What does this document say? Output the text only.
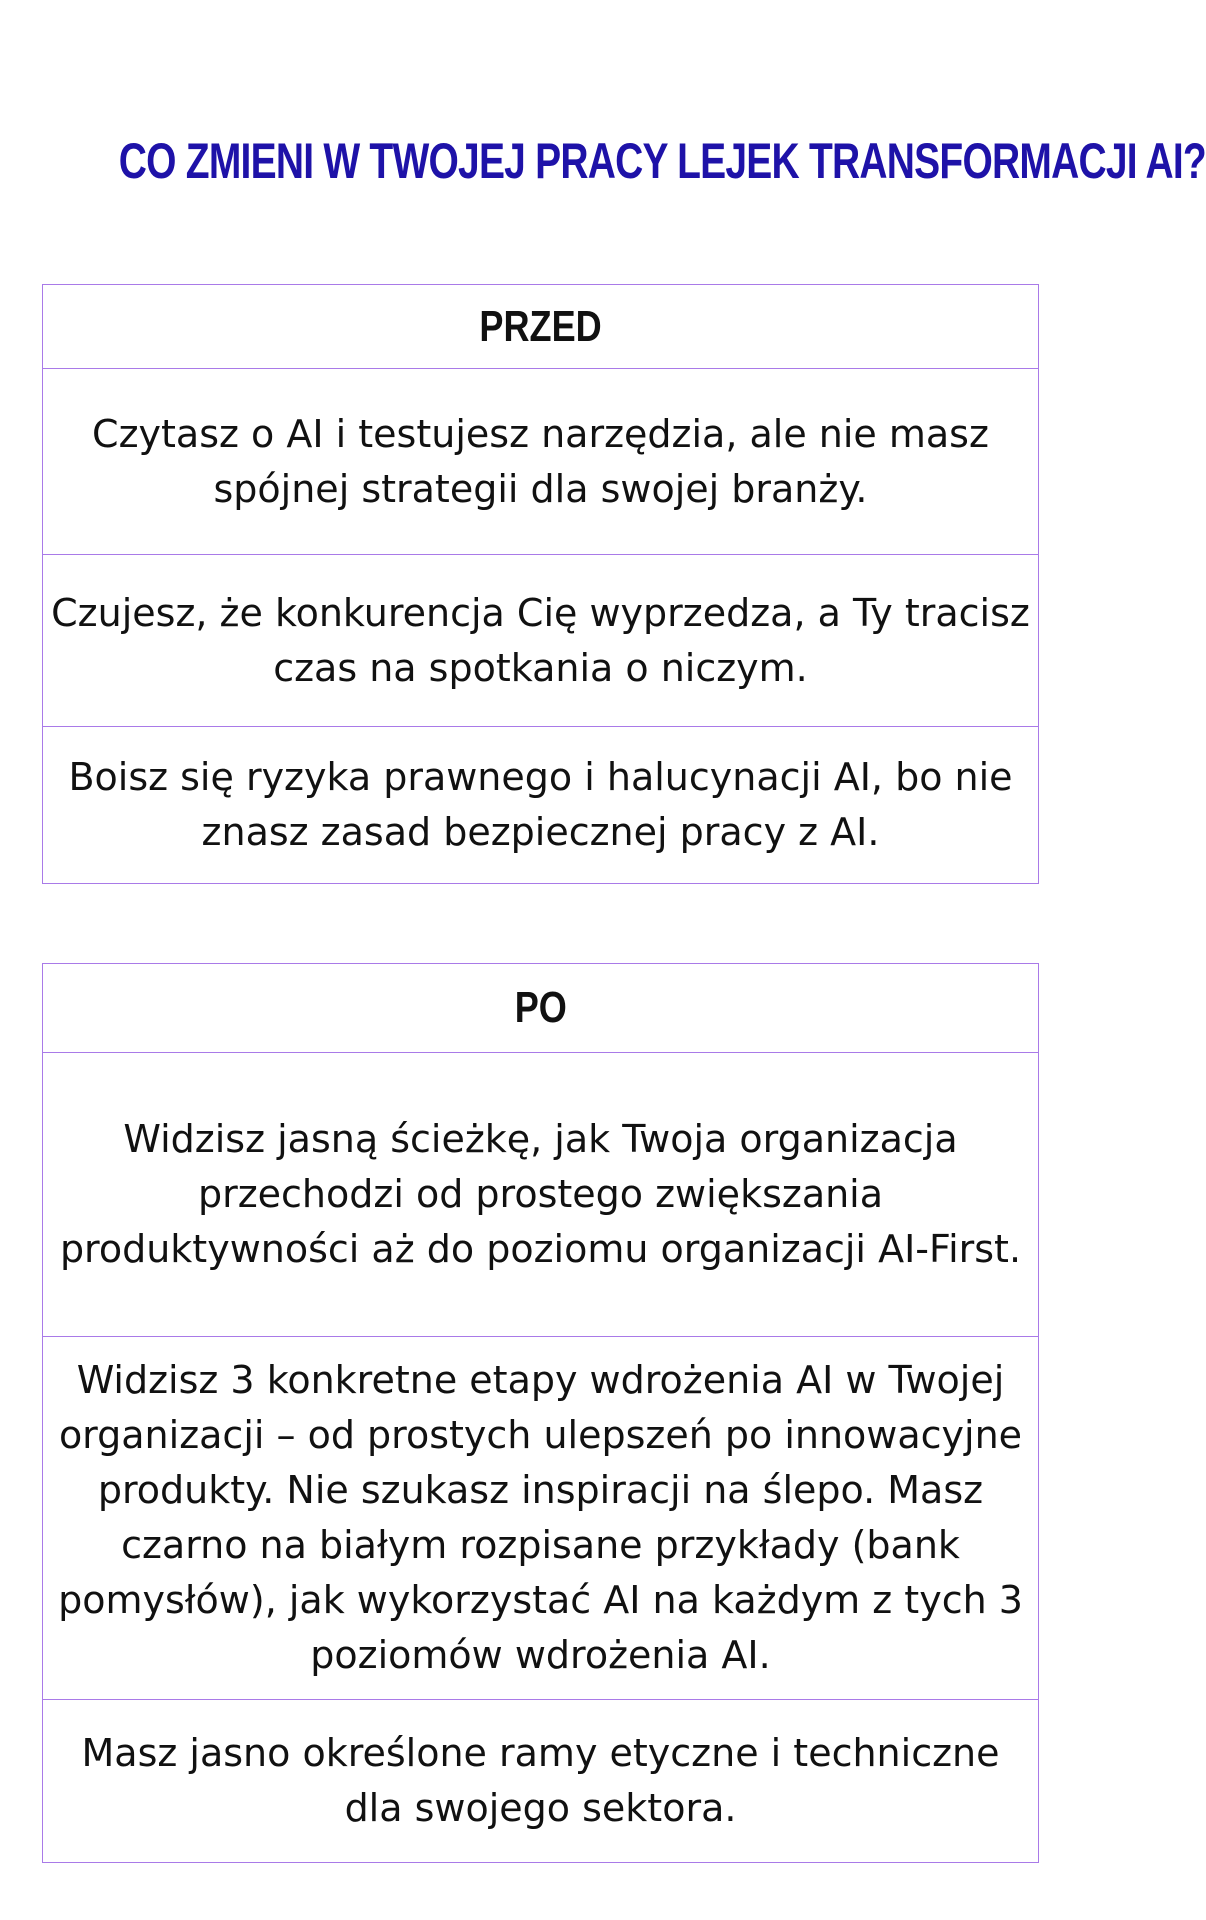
CO ZMIENI W TWOJEJ PRACY LEJEK TRANSFORMACJI AI?
PRZED
Czytasz o AI i testujesz narzędzia, ale nie masz spójnej strategii dla swojej branży.
Czujesz, że konkurencja Cię wyprzedza, a Ty tracisz czas na spotkania o niczym.
Boisz się ryzyka prawnego i halucynacji AI, bo nie znasz zasad bezpiecznej pracy z AI.
PO
Widzisz jasną ścieżkę, jak Twoja organizacja przechodzi od prostego zwiększania produktywności aż do poziomu organizacji AI-First.
Widzisz 3 konkretne etapy wdrożenia AI w Twojej organizacji – od prostych ulepszeń po innowacyjne produkty. Nie szukasz inspiracji na ślepo. Masz czarno na białym rozpisane przykłady (bank pomysłów), jak wykorzystać AI na każdym z tych 3 poziomów wdrożenia AI.
Masz jasno określone ramy etyczne i techniczne dla swojego sektora.
